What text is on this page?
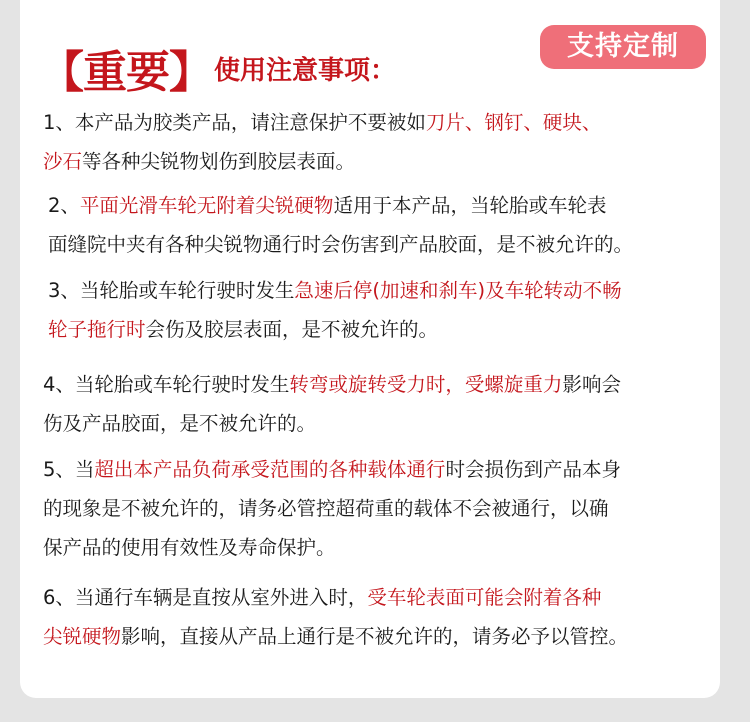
【重要】使用注意事项：
支持定制
1、本产品为胶类产品，请注意保护不要被如刀片、钢钉、硬块、
沙石等各种尖锐物划伤到胶层表面。
2、平面光滑车轮无附着尖锐硬物适用于本产品，当轮胎或车轮表
面缝院中夹有各种尖锐物通行时会伤害到产品胶面，是不被允许的。
3、当轮胎或车轮行驶时发生急速后停(加速和刹车)及车轮转动不畅
轮子拖行时会伤及胶层表面，是不被允许的。
4、当轮胎或车轮行驶时发生转弯或旋转受力时，受螺旋重力影响会
伤及产品胶面，是不被允许的。
5、当超出本产品负荷承受范围的各种载体通行时会损伤到产品本身
的现象是不被允许的，请务必管控超荷重的载体不会被通行，以确
保产品的使用有效性及寿命保护。
6、当通行车辆是直按从室外进入时，受车轮表面可能会附着各种
尖锐硬物影响，直接从产品上通行是不被允许的，请务必予以管控。
